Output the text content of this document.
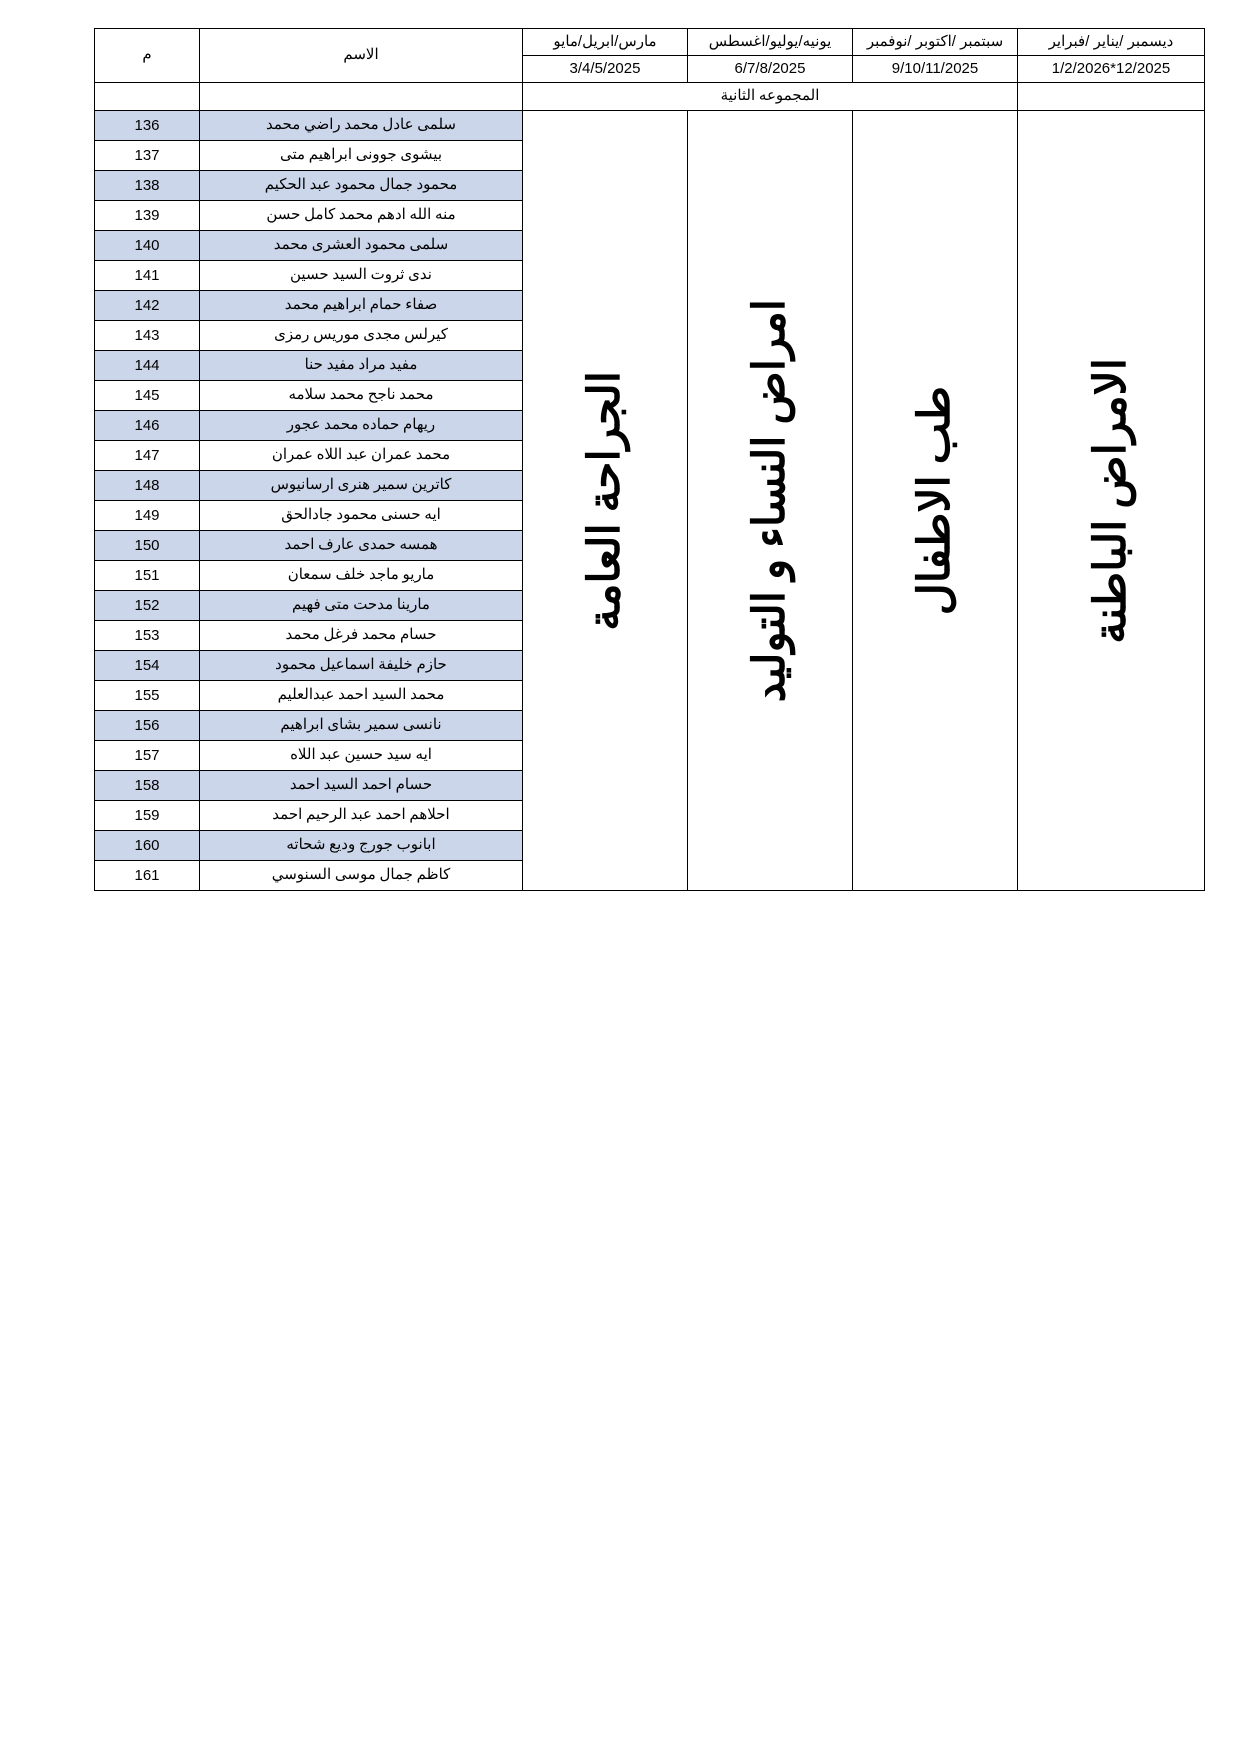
ديسمبر /يناير /فبراير	سبتمبر /اكتوبر /نوفمبر	يونيه/يوليو/اغسطس	مارس/ابريل/مايو	الاسم	م
12/2025*1/2/2026	9/10/11/2025	6/7/8/2025	3/4/5/2025		
	المجموعه الثانية				

الامراض الباطنة	طب الاطفال	امراض النساء و التوليد	الجراحة العامة	سلمى عادل محمد راضي محمد	136
				بيشوى جوونى ابراهيم متى	137
				محمود جمال محمود عبد الحكيم	138
				منه الله ادهم محمد كامل حسن	139
				سلمى محمود العشرى محمد	140
				ندى ثروت السيد حسين	141
				صفاء حمام ابراهيم محمد	142
				كيرلس مجدى موريس رمزى	143
				مفيد مراد مفيد حنا	144
				محمد ناجح محمد سلامه	145
				ريهام حماده محمد عجور	146
				محمد عمران عبد اللاه عمران	147
				كاترين سمير هنرى ارسانيوس	148
				ايه حسنى محمود جادالحق	149
				همسه حمدى عارف احمد	150
				ماريو ماجد خلف سمعان	151
				مارينا مدحت متى فهيم	152
				حسام محمد فرغل محمد	153
				حازم خليفة اسماعيل محمود	154
				محمد السيد احمد عبدالعليم	155
				نانسى سمير بشاى ابراهيم	156
				ايه سيد حسين عبد اللاه	157
				حسام احمد السيد احمد	158
				احلاهم احمد عبد الرحيم احمد	159
				ابانوب جورج وديع شحاته	160
				كاظم جمال موسى السنوسي	161
